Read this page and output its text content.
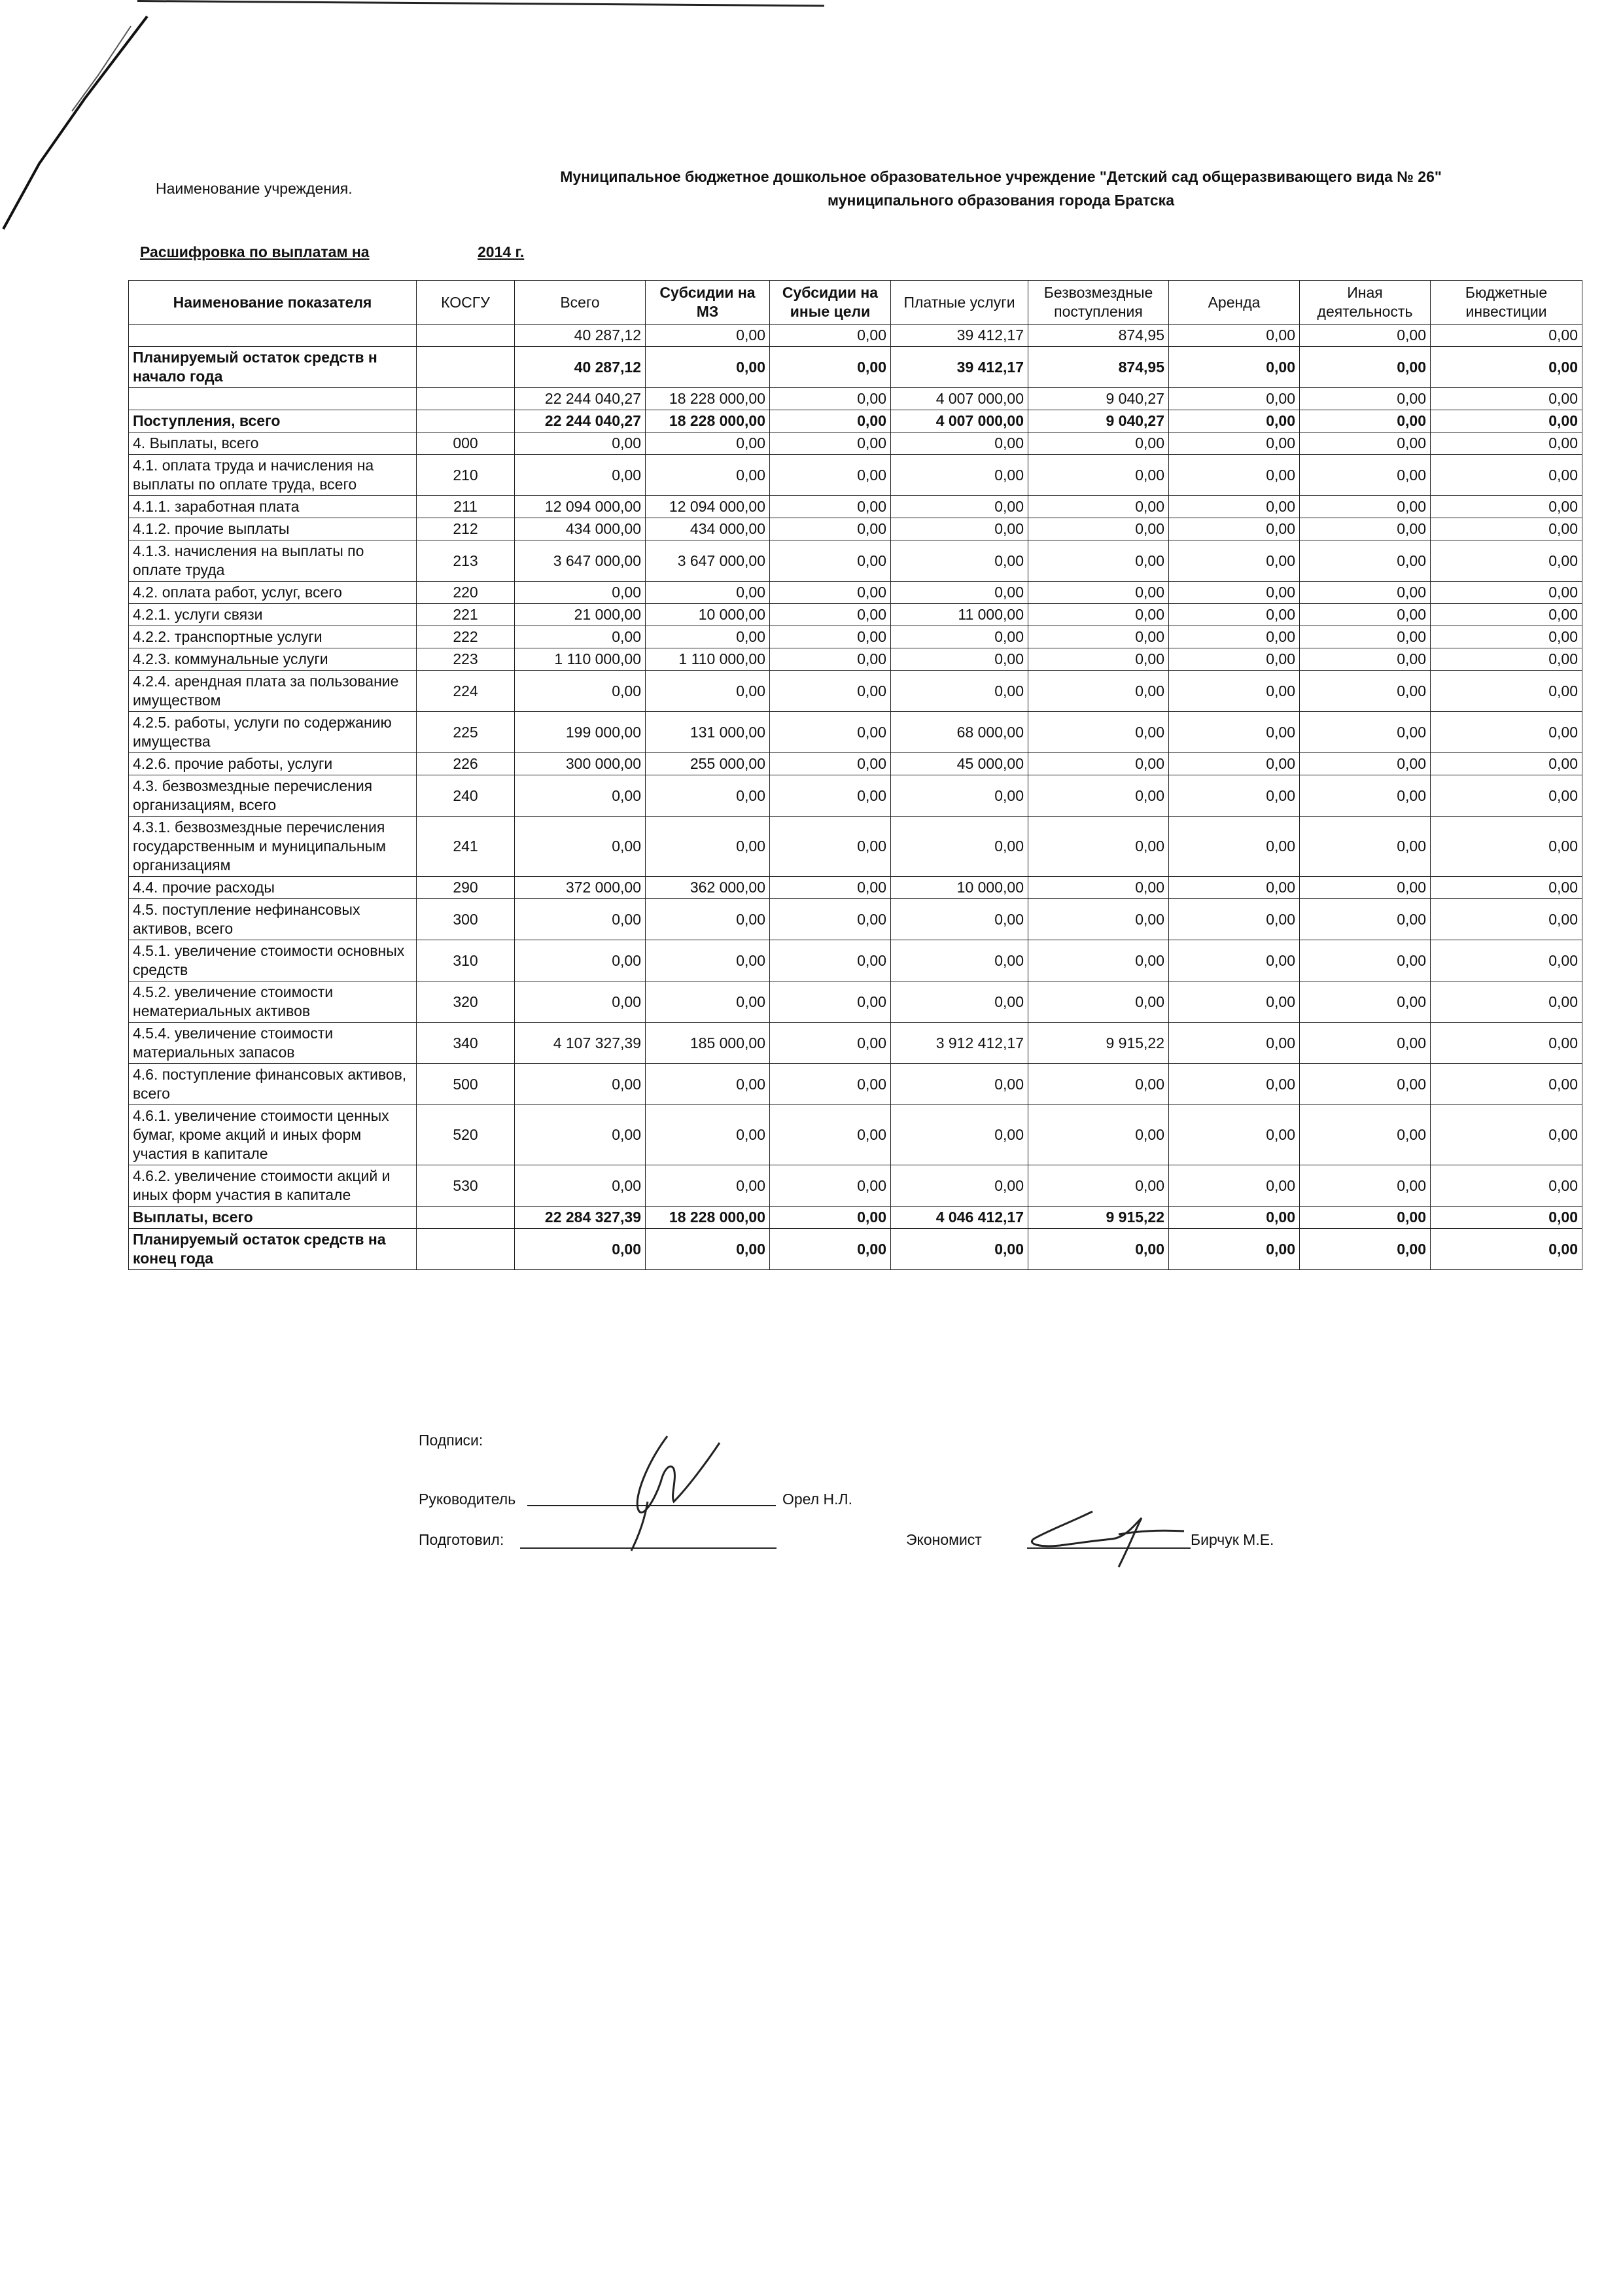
Наименование учреждения.
Муниципальное бюджетное дошкольное образовательное учреждение "Детский сад общеразвивающего вида № 26"
муниципального образования города Братска
Расшифровка по выплатам на	2014 г.
Наименование показателя	КОСГУ	Всего	Субсидии на МЗ	Субсидии на иные цели	Платные услуги	Безвозмездные поступления	Аренда	Иная деятельность	Бюджетные инвестиции
		40 287,12	0,00	0,00	39 412,17	874,95	0,00	0,00	0,00
Планируемый остаток средств н начало года		40 287,12	0,00	0,00	39 412,17	874,95	0,00	0,00	0,00
		22 244 040,27	18 228 000,00	0,00	4 007 000,00	9 040,27	0,00	0,00	0,00
Поступления, всего		22 244 040,27	18 228 000,00	0,00	4 007 000,00	9 040,27	0,00	0,00	0,00
4. Выплаты, всего	000	0,00	0,00	0,00	0,00	0,00	0,00	0,00	0,00
4.1. оплата труда и начисления на выплаты по оплате труда, всего	210	0,00	0,00	0,00	0,00	0,00	0,00	0,00	0,00
4.1.1. заработная плата	211	12 094 000,00	12 094 000,00	0,00	0,00	0,00	0,00	0,00	0,00
4.1.2. прочие выплаты	212	434 000,00	434 000,00	0,00	0,00	0,00	0,00	0,00	0,00
4.1.3. начисления на выплаты по оплате труда	213	3 647 000,00	3 647 000,00	0,00	0,00	0,00	0,00	0,00	0,00
4.2. оплата работ, услуг, всего	220	0,00	0,00	0,00	0,00	0,00	0,00	0,00	0,00
4.2.1. услуги связи	221	21 000,00	10 000,00	0,00	11 000,00	0,00	0,00	0,00	0,00
4.2.2. транспортные услуги	222	0,00	0,00	0,00	0,00	0,00	0,00	0,00	0,00
4.2.3. коммунальные услуги	223	1 110 000,00	1 110 000,00	0,00	0,00	0,00	0,00	0,00	0,00
4.2.4. арендная плата за пользование имуществом	224	0,00	0,00	0,00	0,00	0,00	0,00	0,00	0,00
4.2.5. работы, услуги по содержанию имущества	225	199 000,00	131 000,00	0,00	68 000,00	0,00	0,00	0,00	0,00
4.2.6. прочие работы, услуги	226	300 000,00	255 000,00	0,00	45 000,00	0,00	0,00	0,00	0,00
4.3. безвозмездные перечисления организациям, всего	240	0,00	0,00	0,00	0,00	0,00	0,00	0,00	0,00
4.3.1. безвозмездные перечисления государственным и муниципальным организациям	241	0,00	0,00	0,00	0,00	0,00	0,00	0,00	0,00
4.4. прочие расходы	290	372 000,00	362 000,00	0,00	10 000,00	0,00	0,00	0,00	0,00
4.5. поступление нефинансовых активов, всего	300	0,00	0,00	0,00	0,00	0,00	0,00	0,00	0,00
4.5.1. увеличение стоимости основных средств	310	0,00	0,00	0,00	0,00	0,00	0,00	0,00	0,00
4.5.2. увеличение стоимости нематериальных активов	320	0,00	0,00	0,00	0,00	0,00	0,00	0,00	0,00
4.5.4. увеличение стоимости материальных запасов	340	4 107 327,39	185 000,00	0,00	3 912 412,17	9 915,22	0,00	0,00	0,00
4.6. поступление финансовых активов, всего	500	0,00	0,00	0,00	0,00	0,00	0,00	0,00	0,00
4.6.1. увеличение стоимости ценных бумаг, кроме акций и иных форм участия в капитале	520	0,00	0,00	0,00	0,00	0,00	0,00	0,00	0,00
4.6.2. увеличение стоимости акций и иных форм участия в капитале	530	0,00	0,00	0,00	0,00	0,00	0,00	0,00	0,00
Выплаты, всего		22 284 327,39	18 228 000,00	0,00	4 046 412,17	9 915,22	0,00	0,00	0,00
Планируемый остаток средств на конец года		0,00	0,00	0,00	0,00	0,00	0,00	0,00	0,00
Подписи:
Руководитель	Орел Н.Л.
Подготовил:	Экономист	Бирчук М.Е.
